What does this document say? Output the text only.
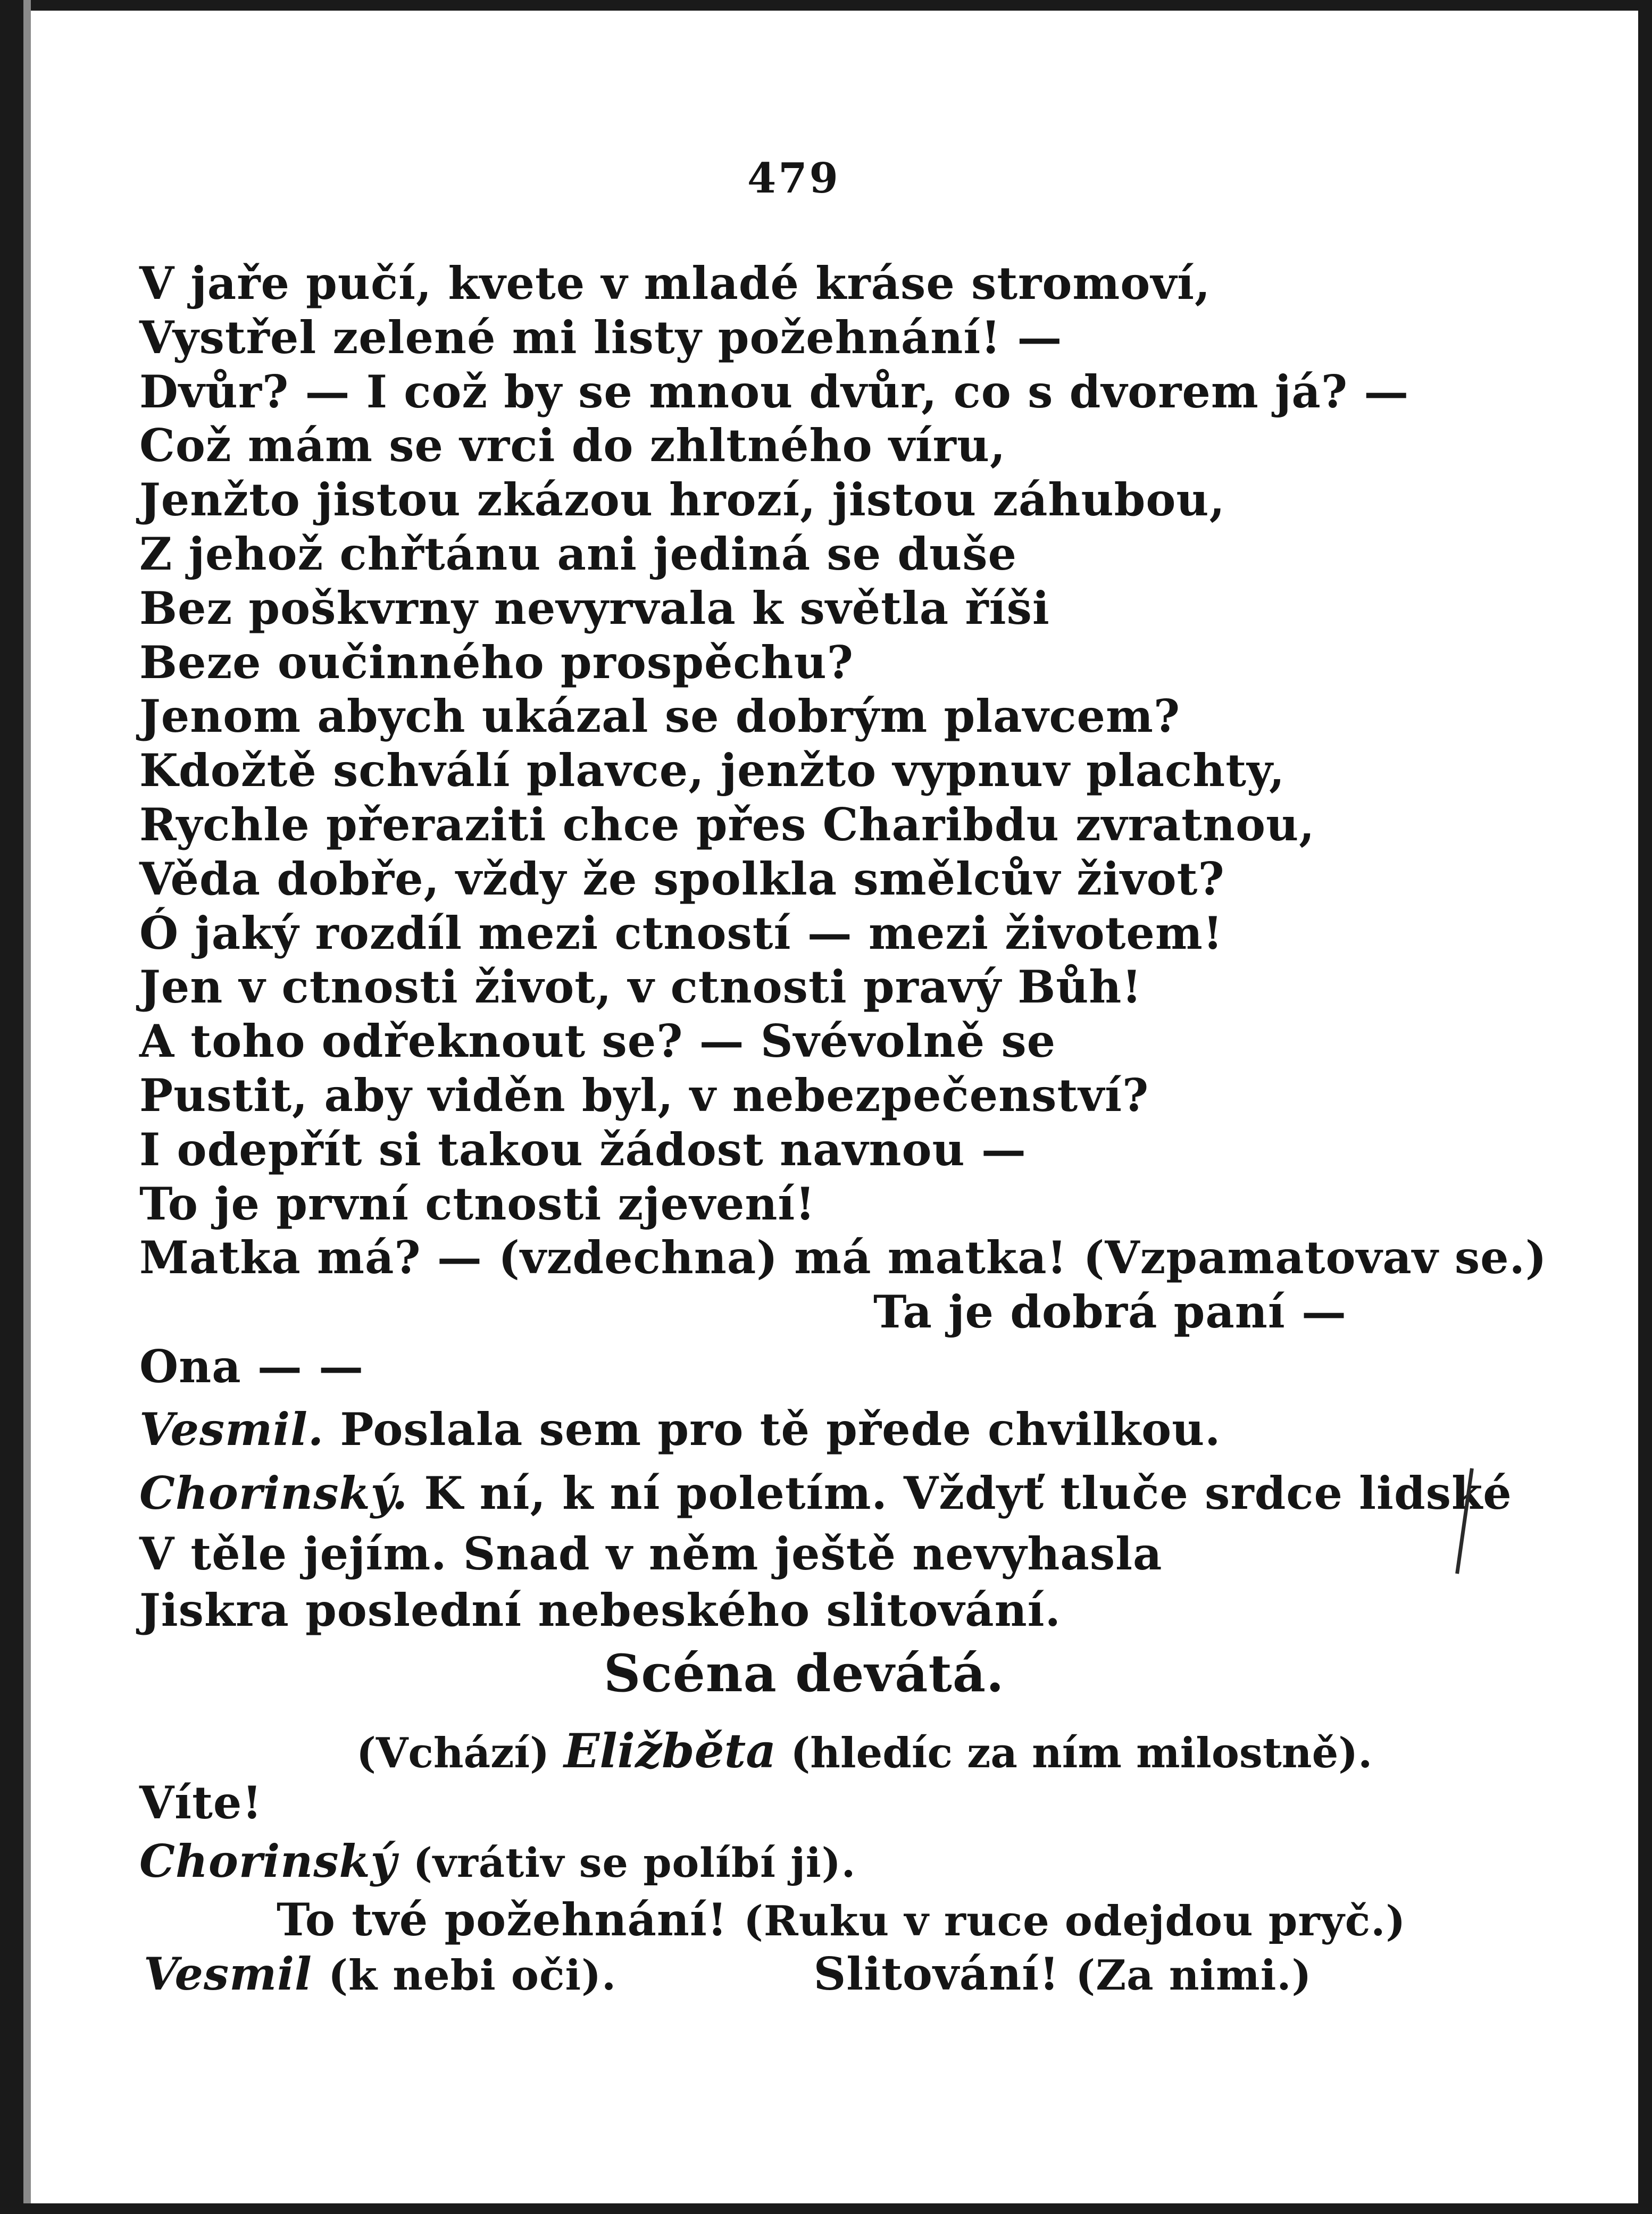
479
V jaře pučí, kvete v mladé kráse stromoví,
Vystřel zelené mi listy požehnání! —
Dvůr? — I což by se mnou dvůr, co s dvorem já? —
Což mám se vrci do zhltného víru,
Jenžto jistou zkázou hrozí, jistou záhubou,
Z jehož chřtánu ani jediná se duše
Bez poškvrny nevyrvala k světla říši
Beze oučinného prospěchu?
Jenom abych ukázal se dobrým plavcem?
Kdožtě schválí plavce, jenžto vypnuv plachty,
Rychle přeraziti chce přes Charibdu zvratnou,
Věda dobře, vždy že spolkla smělcův život?
Ó jaký rozdíl mezi ctností — mezi životem!
Jen v ctnosti život, v ctnosti pravý Bůh!
A toho odřeknout se? — Svévolně se
Pustit, aby viděn byl, v nebezpečenství?
I odepřít si takou žádost navnou —
To je první ctnosti zjevení!
Matka má? — (vzdechna) má matka! (Vzpamatovav se.)
Ta je dobrá paní —
Ona — —
Vesmil. Poslala sem pro tě přede chvilkou.
Chorinský. K ní, k ní poletím. Vždyť tluče srdce lidské
V těle jejím. Snad v něm ještě nevyhasla
Jiskra poslední nebeského slitování.
Scéna devátá.
(Vchází) Eližběta (hledíc za ním milostně).
Víte!
Chorinský (vrátiv se políbí ji).
To tvé požehnání! (Ruku v ruce odejdou pryč.)
Vesmil (k nebi oči).	Slitování! (Za nimi.)
